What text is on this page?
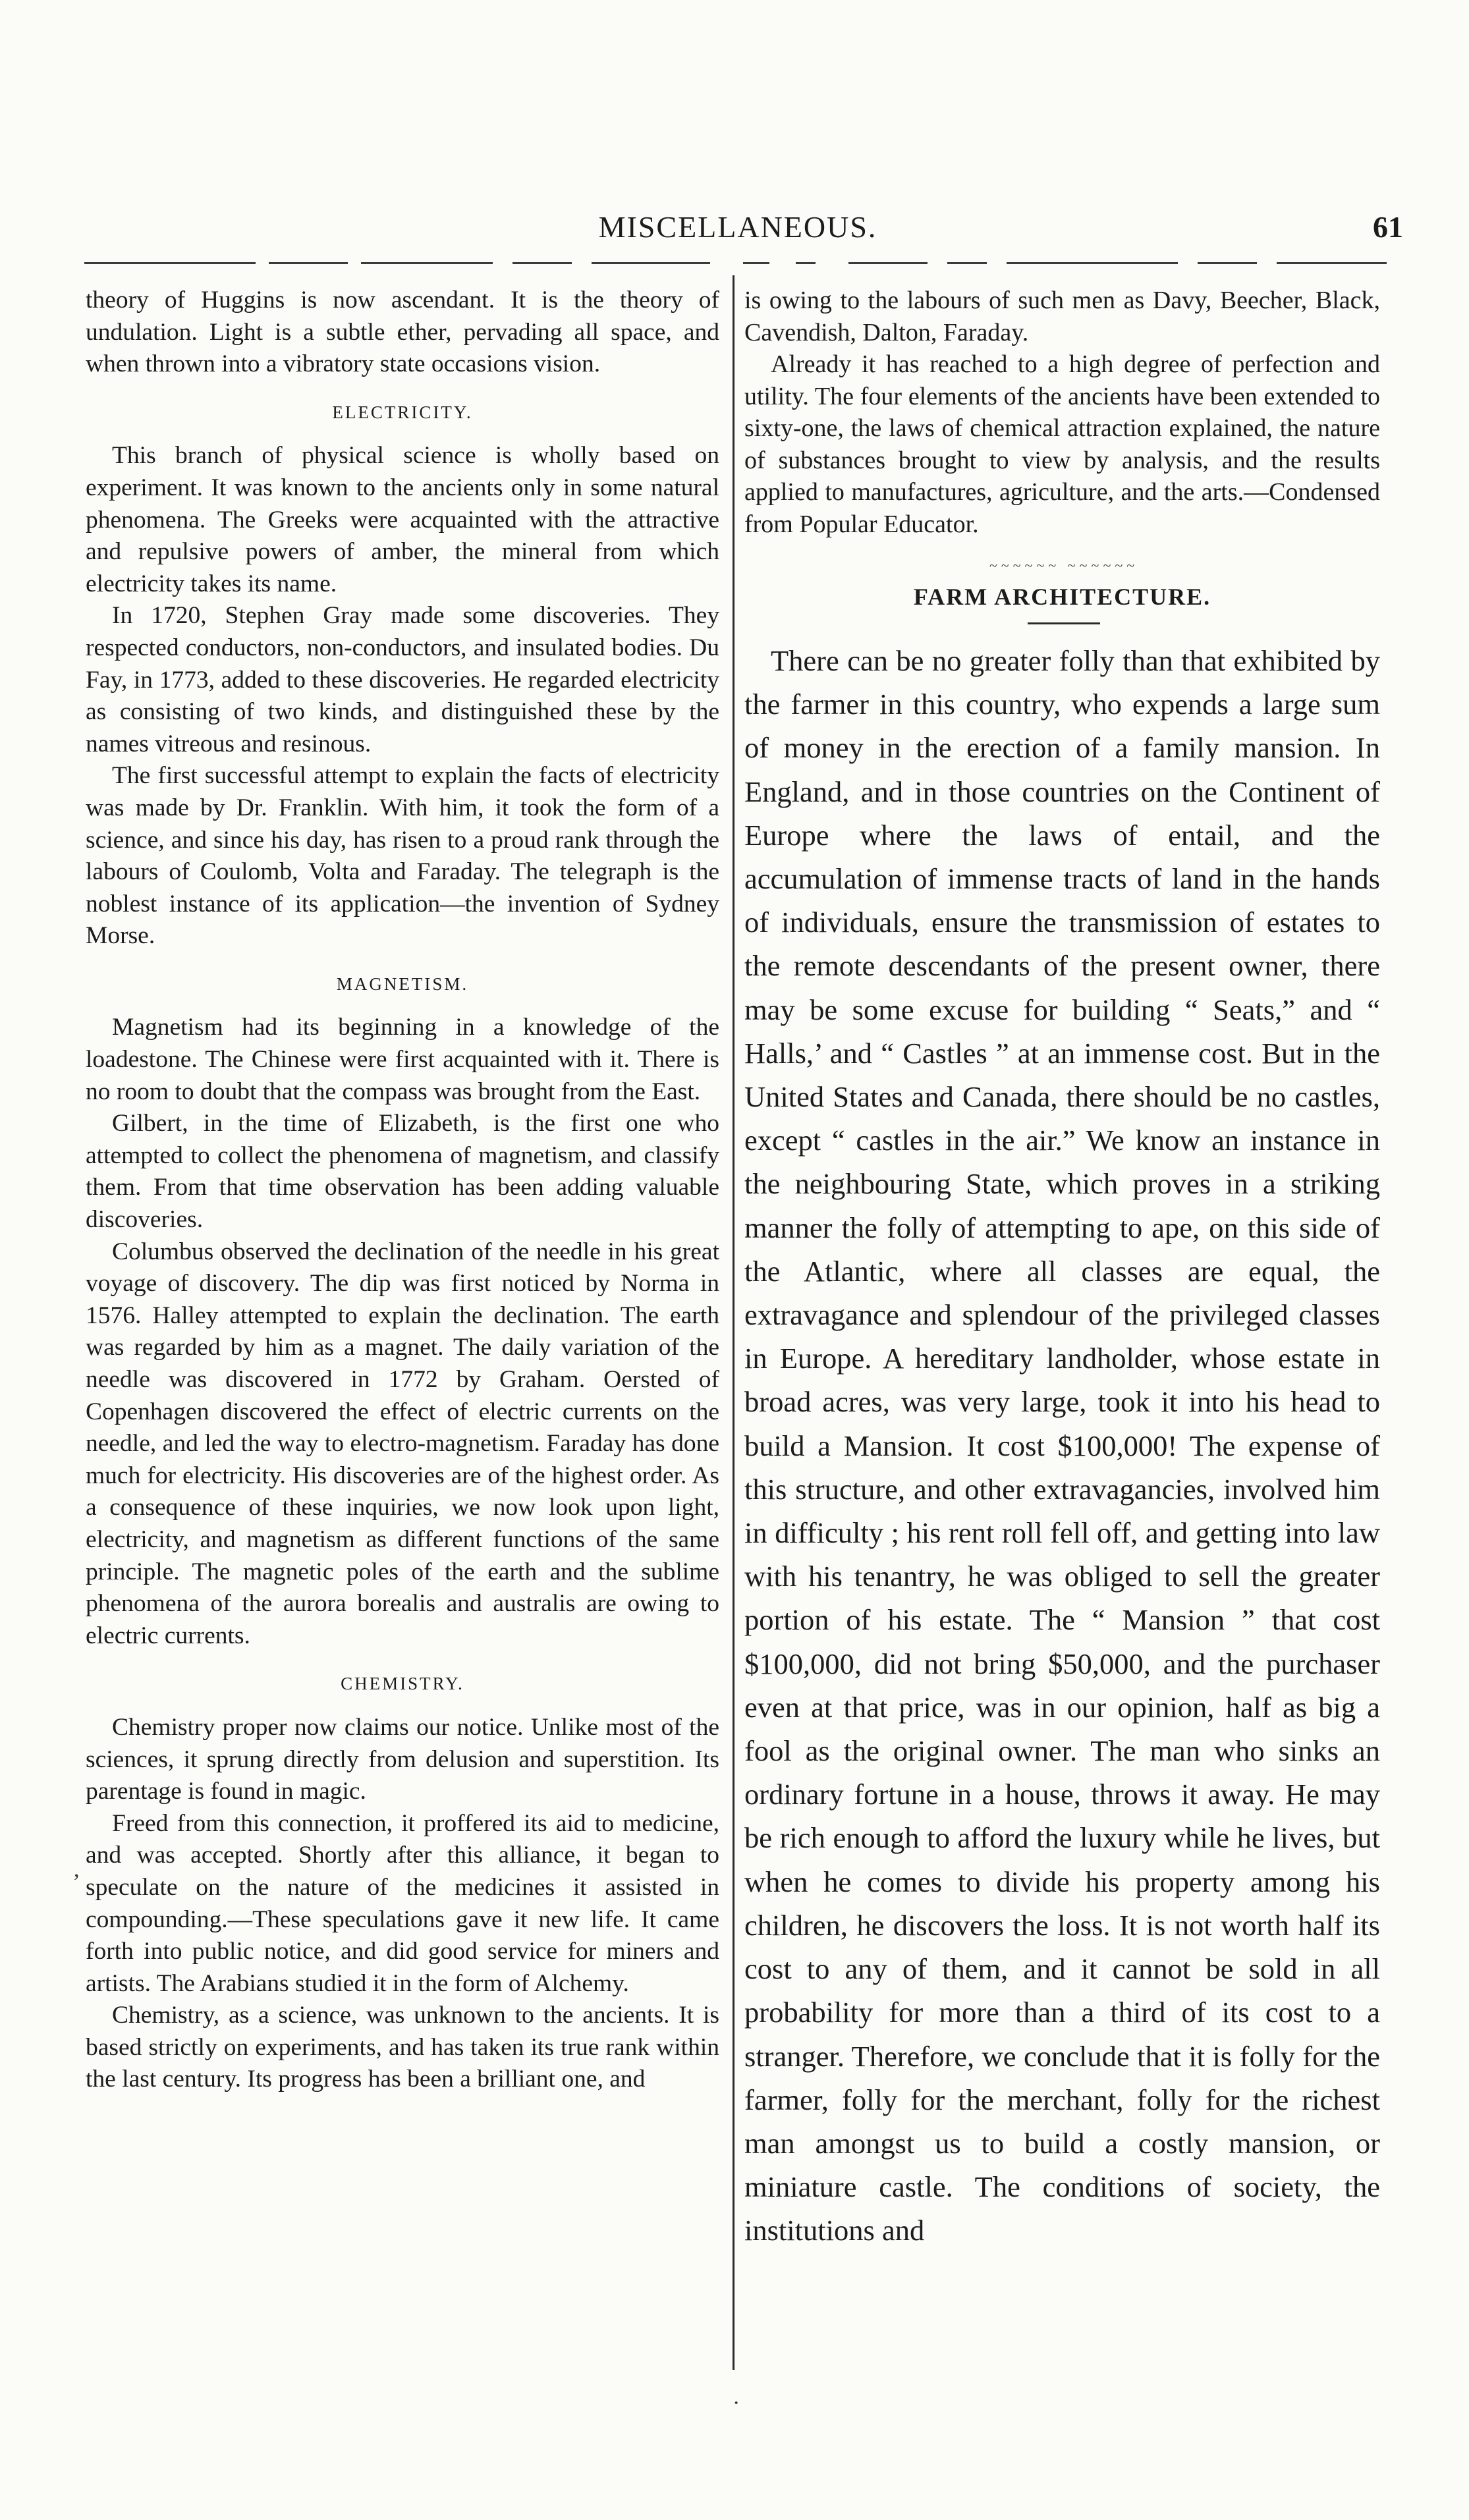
MISCELLANEOUS.	61

theory of Huggins is now ascendant. It is the theory of undulation. Light is a subtle ether, pervading all space, and when thrown into a vibratory state occasions vision.

ELECTRICITY.

This branch of physical science is wholly based on experiment. It was known to the ancients only in some natural phenomena. The Greeks were acquainted with the attractive and repulsive powers of amber, the mineral from which electricity takes its name.

In 1720, Stephen Gray made some discoveries. They respected conductors, non-conductors, and insulated bodies. Du Fay, in 1773, added to these discoveries. He regarded electricity as consisting of two kinds, and distinguished these by the names vitreous and resinous.

The first successful attempt to explain the facts of electricity was made by Dr. Franklin. With him, it took the form of a science, and since his day, has risen to a proud rank through the labours of Coulomb, Volta and Faraday. The telegraph is the noblest instance of its application—the invention of Sydney Morse.

MAGNETISM.

Magnetism had its beginning in a knowledge of the loadestone. The Chinese were first acquainted with it. There is no room to doubt that the compass was brought from the East.

Gilbert, in the time of Elizabeth, is the first one who attempted to collect the phenomena of magnetism, and classify them. From that time observation has been adding valuable discoveries.

Columbus observed the declination of the needle in his great voyage of discovery. The dip was first noticed by Norma in 1576. Halley attempted to explain the declination. The earth was regarded by him as a magnet. The daily variation of the needle was discovered in 1772 by Graham. Oersted of Copenhagen discovered the effect of electric currents on the needle, and led the way to electro-magnetism. Faraday has done much for electricity. His discoveries are of the highest order. As a consequence of these inquiries, we now look upon light, electricity, and magnetism as different functions of the same principle. The magnetic poles of the earth and the sublime phenomena of the aurora borealis and australis are owing to electric currents.

CHEMISTRY.

Chemistry proper now claims our notice. Unlike most of the sciences, it sprung directly from delusion and superstition. Its parentage is found in magic.

Freed from this connection, it proffered its aid to medicine, and was accepted. Shortly after this alliance, it began to speculate on the nature of the medicines it assisted in compounding.—These speculations gave it new life. It came forth into public notice, and did good service for miners and artists. The Arabians studied it in the form of Alchemy.

Chemistry, as a science, was unknown to the ancients. It is based strictly on experiments, and has taken its true rank within the last century. Its progress has been a brilliant one, and

is owing to the labours of such men as Davy, Beecher, Black, Cavendish, Dalton, Faraday.

Already it has reached to a high degree of perfection and utility. The four elements of the ancients have been extended to sixty-one, the laws of chemical attraction explained, the nature of substances brought to view by analysis, and the results applied to manufactures, agriculture, and the arts.—Condensed from Popular Educator.

~~~~~~ ~~~~~~
FARM ARCHITECTURE.

There can be no greater folly than that exhibited by the farmer in this country, who expends a large sum of money in the erection of a family mansion. In England, and in those countries on the Continent of Europe where the laws of entail, and the accumulation of immense tracts of land in the hands of individuals, ensure the transmission of estates to the remote descendants of the present owner, there may be some excuse for building “ Seats,” and “ Halls,’ and “ Castles ” at an immense cost. But in the United States and Canada, there should be no castles, except “ castles in the air.” We know an instance in the neighbouring State, which proves in a striking manner the folly of attempting to ape, on this side of the Atlantic, where all classes are equal, the extravagance and splendour of the privileged classes in Europe. A hereditary landholder, whose estate in broad acres, was very large, took it into his head to build a Mansion. It cost $100,000! The expense of this structure, and other extravagancies, involved him in difficulty ; his rent roll fell off, and getting into law with his tenantry, he was obliged to sell the greater portion of his estate. The “ Mansion ” that cost $100,000, did not bring $50,000, and the purchaser even at that price, was in our opinion, half as big a fool as the original owner. The man who sinks an ordinary fortune in a house, throws it away. He may be rich enough to afford the luxury while he lives, but when he comes to divide his property among his children, he discovers the loss. It is not worth half its cost to any of them, and it cannot be sold in all probability for more than a third of its cost to a stranger. Therefore, we conclude that it is folly for the farmer, folly for the merchant, folly for the richest man amongst us to build a costly mansion, or miniature castle. The conditions of society, the institutions and

,
·
